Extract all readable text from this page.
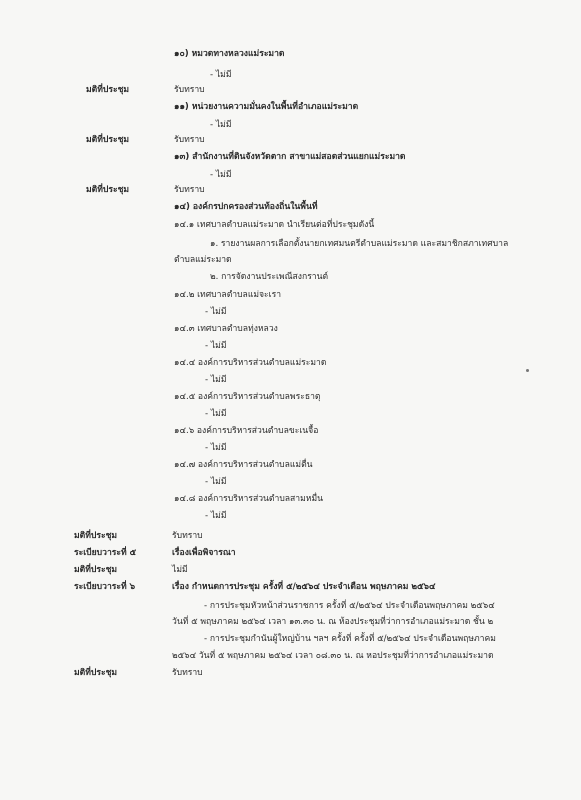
๑๐) หมวดทางหลวงแม่ระมาด
- ไม่มี
มติที่ประชุม	รับทราบ
๑๑) หน่วยงานความมั่นคงในพื้นที่อำเภอแม่ระมาด
- ไม่มี
มติที่ประชุม	รับทราบ
๑๓) สำนักงานที่ดินจังหวัดตาก สาขาแม่สอดส่วนแยกแม่ระมาด
- ไม่มี
มติที่ประชุม	รับทราบ
๑๔) องค์กรปกครองส่วนท้องถิ่นในพื้นที่
๑๔.๑ เทศบาลตำบลแม่ระมาด นำเรียนต่อที่ประชุมดังนี้
๑. รายงานผลการเลือกตั้งนายกเทศมนตรีตำบลแม่ระมาด และสมาชิกสภาเทศบาล
ตำบลแม่ระมาด
๒. การจัดงานประเพณีสงกรานต์
๑๔.๒ เทศบาลตำบลแม่จะเรา
- ไม่มี
๑๔.๓ เทศบาลตำบลทุ่งหลวง
- ไม่มี
๑๔.๔ องค์การบริหารส่วนตำบลแม่ระมาด
- ไม่มี
๑๔.๕ องค์การบริหารส่วนตำบลพระธาตุ
- ไม่มี
๑๔.๖ องค์การบริหารส่วนตำบลขะเนจื้อ
- ไม่มี
๑๔.๗ องค์การบริหารส่วนตำบลแม่ตื่น
- ไม่มี
๑๔.๘ องค์การบริหารส่วนตำบลสามหมื่น
- ไม่มี
มติที่ประชุม	รับทราบ
ระเบียบวาระที่ ๕	เรื่องเพื่อพิจารณา
มติที่ประชุม	ไม่มี
ระเบียบวาระที่ ๖	เรื่อง กำหนดการประชุม ครั้งที่ ๕/๒๕๖๔ ประจำเดือน พฤษภาคม ๒๕๖๔
- การประชุมหัวหน้าส่วนราชการ ครั้งที่ ๕/๒๕๖๔ ประจำเดือนพฤษภาคม ๒๕๖๔
วันที่ ๕ พฤษภาคม ๒๕๖๔ เวลา ๑๓.๓๐ น. ณ ห้องประชุมที่ว่าการอำเภอแม่ระมาด ชั้น ๒
- การประชุมกำนันผู้ใหญ่บ้าน ฯลฯ ครั้งที่ ครั้งที่ ๕/๒๕๖๔ ประจำเดือนพฤษภาคม
๒๕๖๔ วันที่ ๕ พฤษภาคม ๒๕๖๔ เวลา ๐๘.๓๐ น. ณ หอประชุมที่ว่าการอำเภอแม่ระมาด
มติที่ประชุม	รับทราบ
